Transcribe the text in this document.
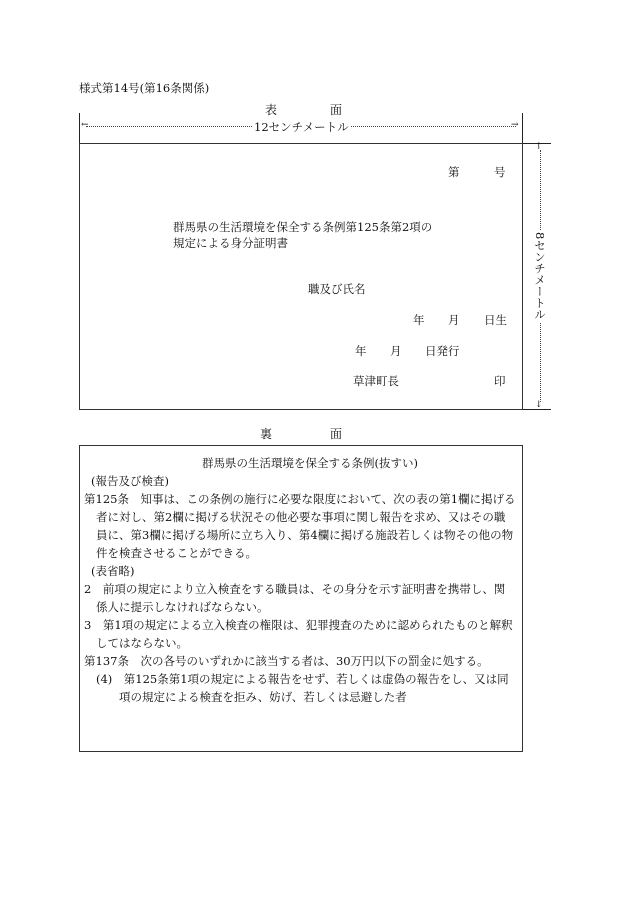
様式第14号(第16条関係)
表	面
←	→
12センチメートル
↑
↓
8センチメートル
第	号
群馬県の生活環境を保全する条例第125条第2項の
規定による身分証明書
職及び氏名
年 月 日生
年 月 日発行
草津町長	印
裏	面
群馬県の生活環境を保全する条例(抜すい)
(報告及び検査)
第125条　知事は、この条例の施行に必要な限度において、次の表の第1欄に掲げる
者に対し、第2欄に掲げる状況その他必要な事項に関し報告を求め、又はその職
員に、第3欄に掲げる場所に立ち入り、第4欄に掲げる施設若しくは物その他の物
件を検査させることができる。
(表省略)
2　前項の規定により立入検査をする職員は、その身分を示す証明書を携帯し、関
係人に提示しなければならない。
3　第1項の規定による立入検査の権限は、犯罪捜査のために認められたものと解釈
してはならない。
第137条　次の各号のいずれかに該当する者は、30万円以下の罰金に処する。
(4)　第125条第1項の規定による報告をせず、若しくは虚偽の報告をし、又は同
項の規定による検査を拒み、妨げ、若しくは忌避した者
